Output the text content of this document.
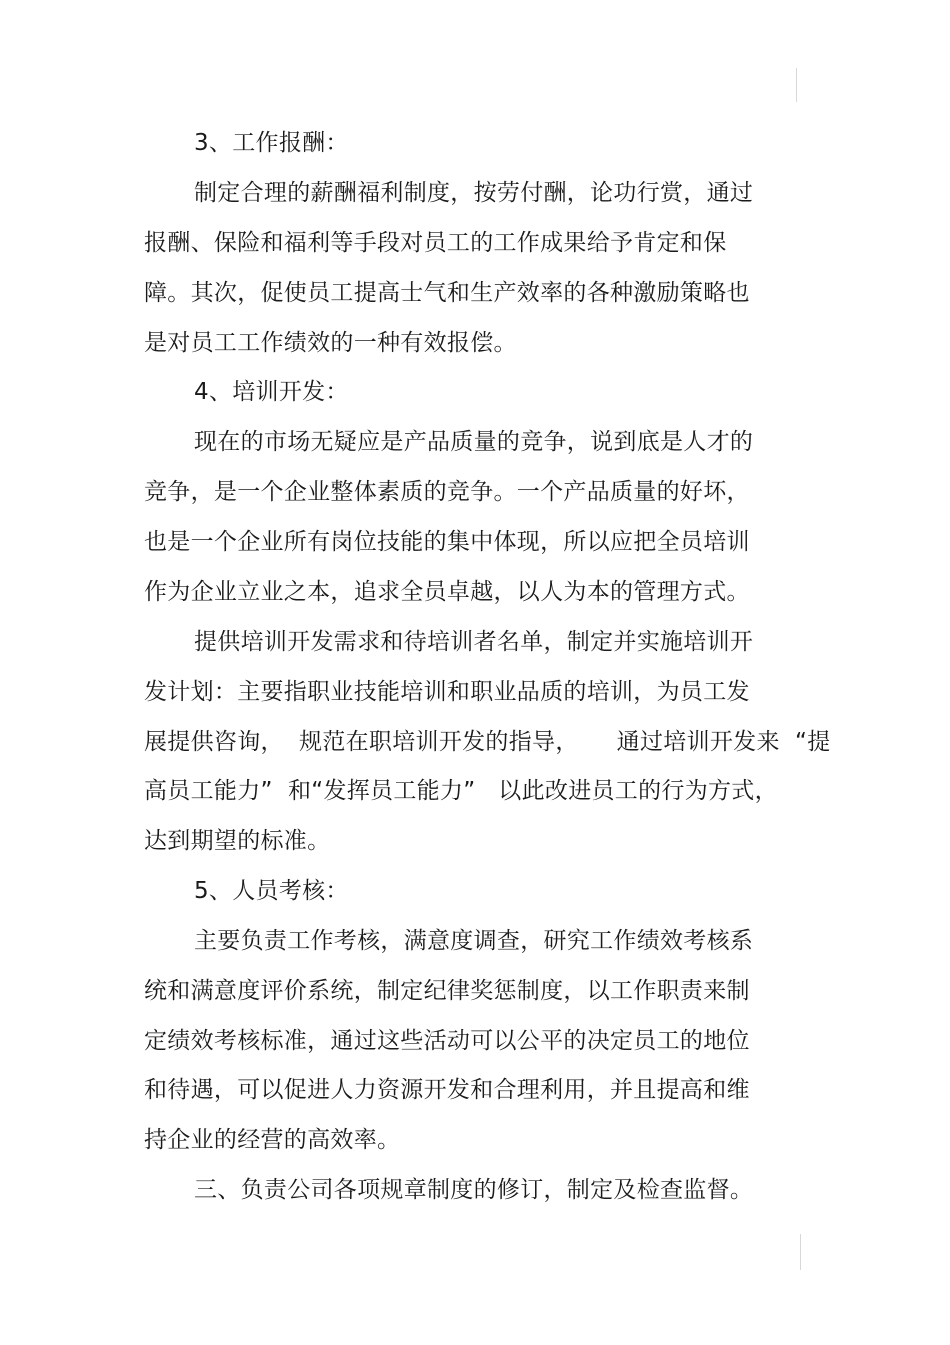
3、工作报酬：
制定合理的薪酬福利制度，按劳付酬，论功行赏，通过
报酬、保险和福利等手段对员工的工作成果给予肯定和保
障。其次，促使员工提高士气和生产效率的各种激励策略也
是对员工工作绩效的一种有效报偿。
4、培训开发：
现在的市场无疑应是产品质量的竞争，说到底是人才的
竞争，是一个企业整体素质的竞争。一个产品质量的好坏，
也是一个企业所有岗位技能的集中体现，所以应把全员培训
作为企业立业之本，追求全员卓越，以人为本的管理方式。
提供培训开发需求和待培训者名单，制定并实施培训开
发计划：主要指职业技能培训和职业品质的培训，为员工发
展提供咨询，  规范在职培训开发的指导，     通过培训开发来  “提
高员工能力”  和“发挥员工能力”   以此改进员工的行为方式，
达到期望的标准。
5、人员考核：
主要负责工作考核，满意度调查，研究工作绩效考核系
统和满意度评价系统，制定纪律奖惩制度，以工作职责来制
定绩效考核标准，通过这些活动可以公平的决定员工的地位
和待遇，可以促进人力资源开发和合理利用，并且提高和维
持企业的经营的高效率。
三、负责公司各项规章制度的修订，制定及检查监督。
